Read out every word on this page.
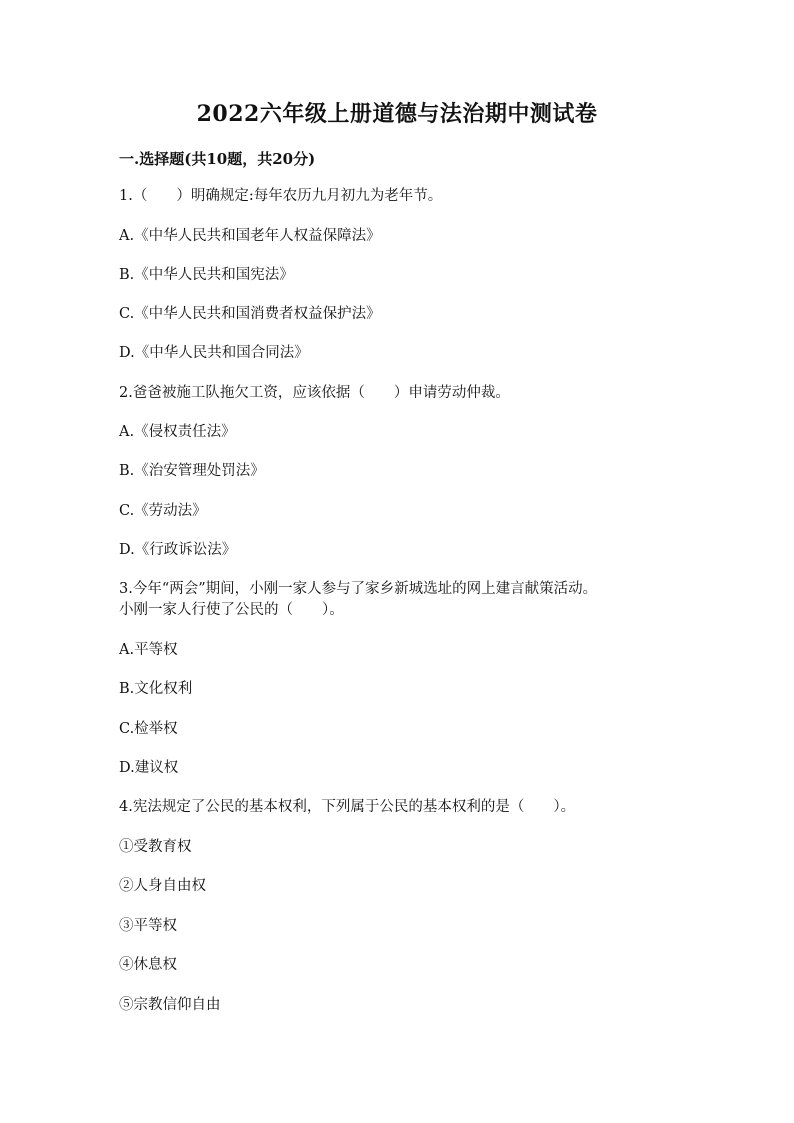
2022六年级上册道德与法治期中测试卷
一.选择题(共10题，共20分)
1.（　　）明确规定:每年农历九月初九为老年节。
A.《中华人民共和国老年人权益保障法》
B.《中华人民共和国宪法》
C.《中华人民共和国消费者权益保护法》
D.《中华人民共和国合同法》
2.爸爸被施工队拖欠工资，应该依据（　　）申请劳动仲裁。
A.《侵权责任法》
B.《治安管理处罚法》
C.《劳动法》
D.《行政诉讼法》
3.今年“两会”期间，小刚一家人参与了家乡新城选址的网上建言献策活动。
小刚一家人行使了公民的（　　）。
A.平等权
B.文化权利
C.检举权
D.建议权
4.宪法规定了公民的基本权利，下列属于公民的基本权利的是（　　）。
①受教育权
②人身自由权
③平等权
④休息权
⑤宗教信仰自由
